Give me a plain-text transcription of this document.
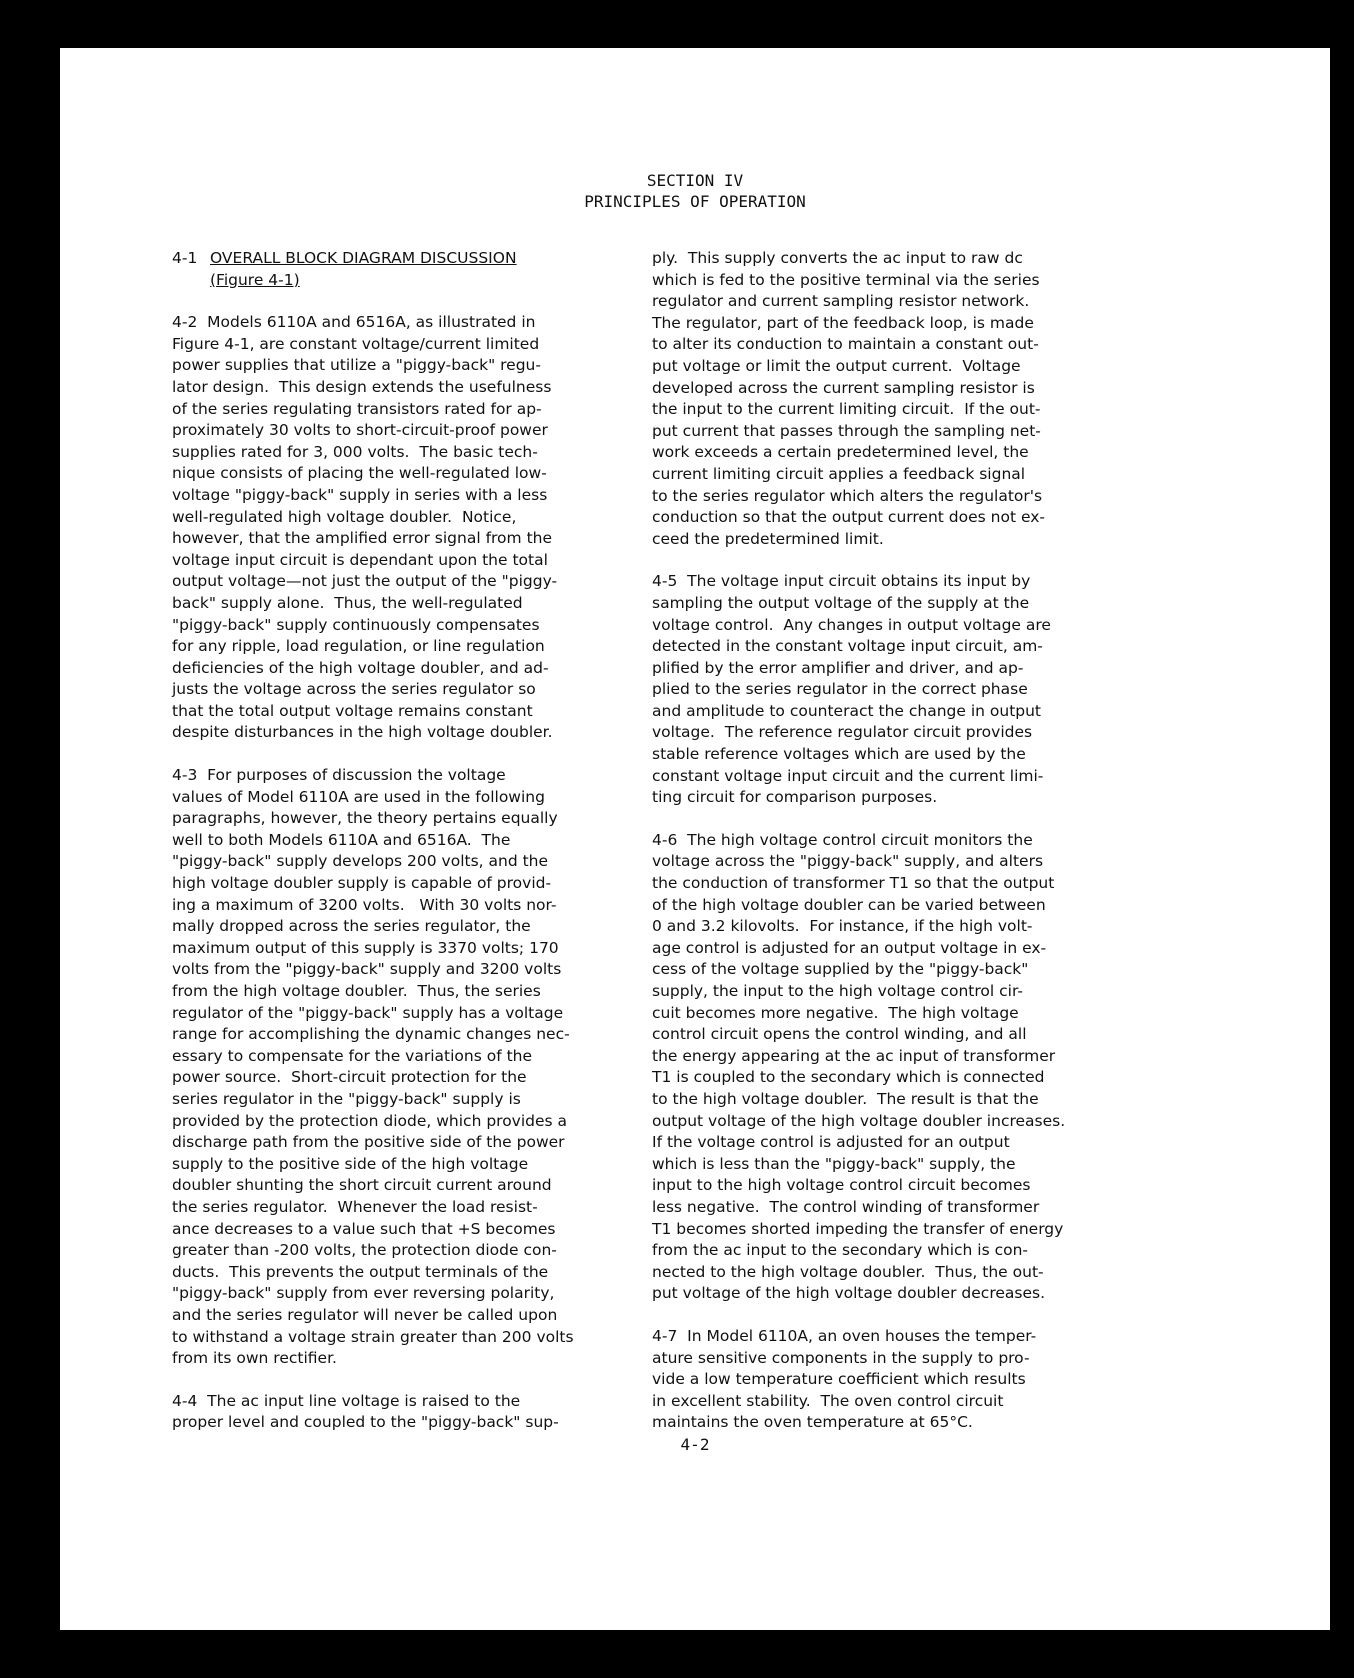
SECTION IV
PRINCIPLES OF OPERATION
4-1 OVERALL BLOCK DIAGRAM DISCUSSION
(Figure 4-1)
4-2  Models 6110A and 6516A, as illustrated in
Figure 4-1, are constant voltage/current limited
power supplies that utilize a "piggy-back" regu-
lator design.  This design extends the usefulness
of the series regulating transistors rated for ap-
proximately 30 volts to short-circuit-proof power
supplies rated for 3, 000 volts.  The basic tech-
nique consists of placing the well-regulated low-
voltage "piggy-back" supply in series with a less
well-regulated high voltage doubler.  Notice,
however, that the amplified error signal from the
voltage input circuit is dependant upon the total
output voltage—not just the output of the "piggy-
back" supply alone.  Thus, the well-regulated
"piggy-back" supply continuously compensates
for any ripple, load regulation, or line regulation
deficiencies of the high voltage doubler, and ad-
justs the voltage across the series regulator so
that the total output voltage remains constant
despite disturbances in the high voltage doubler.
4-3  For purposes of discussion the voltage
values of Model 6110A are used in the following
paragraphs, however, the theory pertains equally
well to both Models 6110A and 6516A.  The
"piggy-back" supply develops 200 volts, and the
high voltage doubler supply is capable of provid-
ing a maximum of 3200 volts.   With 30 volts nor-
mally dropped across the series regulator, the
maximum output of this supply is 3370 volts; 170
volts from the "piggy-back" supply and 3200 volts
from the high voltage doubler.  Thus, the series
regulator of the "piggy-back" supply has a voltage
range for accomplishing the dynamic changes nec-
essary to compensate for the variations of the
power source.  Short-circuit protection for the
series regulator in the "piggy-back" supply is
provided by the protection diode, which provides a
discharge path from the positive side of the power
supply to the positive side of the high voltage
doubler shunting the short circuit current around
the series regulator.  Whenever the load resist-
ance decreases to a value such that +S becomes
greater than -200 volts, the protection diode con-
ducts.  This prevents the output terminals of the
"piggy-back" supply from ever reversing polarity,
and the series regulator will never be called upon
to withstand a voltage strain greater than 200 volts
from its own rectifier.
4-4  The ac input line voltage is raised to the
proper level and coupled to the "piggy-back" sup-
ply.  This supply converts the ac input to raw dc
which is fed to the positive terminal via the series
regulator and current sampling resistor network.
The regulator, part of the feedback loop, is made
to alter its conduction to maintain a constant out-
put voltage or limit the output current.  Voltage
developed across the current sampling resistor is
the input to the current limiting circuit.  If the out-
put current that passes through the sampling net-
work exceeds a certain predetermined level, the
current limiting circuit applies a feedback signal
to the series regulator which alters the regulator's
conduction so that the output current does not ex-
ceed the predetermined limit.
4-5  The voltage input circuit obtains its input by
sampling the output voltage of the supply at the
voltage control.  Any changes in output voltage are
detected in the constant voltage input circuit, am-
plified by the error amplifier and driver, and ap-
plied to the series regulator in the correct phase
and amplitude to counteract the change in output
voltage.  The reference regulator circuit provides
stable reference voltages which are used by the
constant voltage input circuit and the current limi-
ting circuit for comparison purposes.
4-6  The high voltage control circuit monitors the
voltage across the "piggy-back" supply, and alters
the conduction of transformer T1 so that the output
of the high voltage doubler can be varied between
0 and 3.2 kilovolts.  For instance, if the high volt-
age control is adjusted for an output voltage in ex-
cess of the voltage supplied by the "piggy-back"
supply, the input to the high voltage control cir-
cuit becomes more negative.  The high voltage
control circuit opens the control winding, and all
the energy appearing at the ac input of transformer
T1 is coupled to the secondary which is connected
to the high voltage doubler.  The result is that the
output voltage of the high voltage doubler increases.
If the voltage control is adjusted for an output
which is less than the "piggy-back" supply, the
input to the high voltage control circuit becomes
less negative.  The control winding of transformer
T1 becomes shorted impeding the transfer of energy
from the ac input to the secondary which is con-
nected to the high voltage doubler.  Thus, the out-
put voltage of the high voltage doubler decreases.
4-7  In Model 6110A, an oven houses the temper-
ature sensitive components in the supply to pro-
vide a low temperature coefficient which results
in excellent stability.  The oven control circuit
maintains the oven temperature at 65°C.
4-2
